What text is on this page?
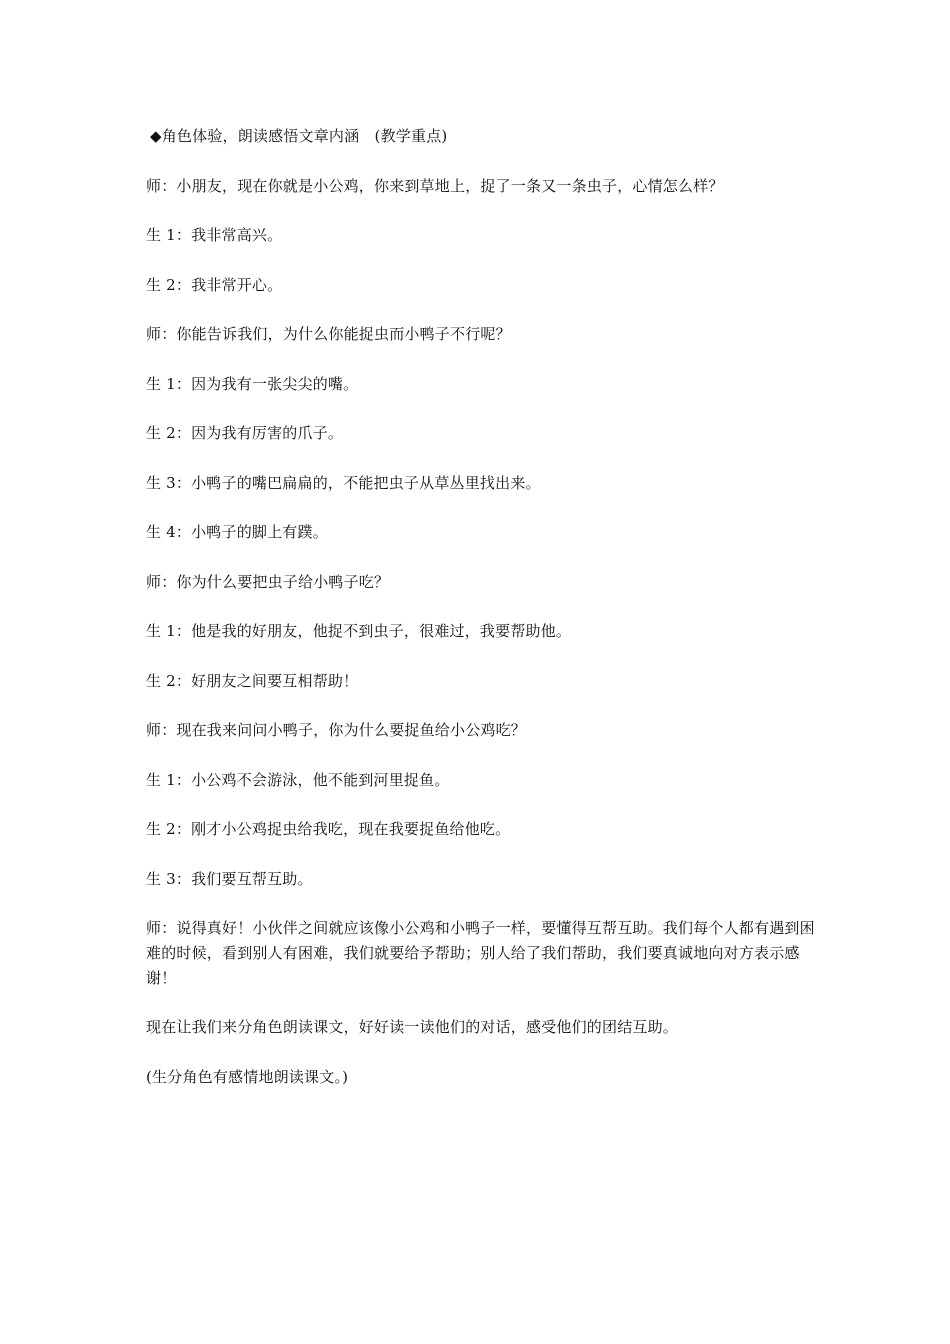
◆角色体验，朗读感悟文章内涵　(教学重点)

师：小朋友，现在你就是小公鸡，你来到草地上，捉了一条又一条虫子，心情怎么样？

生 1：我非常高兴。

生 2：我非常开心。

师：你能告诉我们，为什么你能捉虫而小鸭子不行呢？

生 1：因为我有一张尖尖的嘴。

生 2：因为我有厉害的爪子。

生 3：小鸭子的嘴巴扁扁的，不能把虫子从草丛里找出来。

生 4：小鸭子的脚上有蹼。

师：你为什么要把虫子给小鸭子吃？

生 1：他是我的好朋友，他捉不到虫子，很难过，我要帮助他。

生 2：好朋友之间要互相帮助！

师：现在我来问问小鸭子，你为什么要捉鱼给小公鸡吃？

生 1：小公鸡不会游泳，他不能到河里捉鱼。

生 2：刚才小公鸡捉虫给我吃，现在我要捉鱼给他吃。

生 3：我们要互帮互助。

师：说得真好！小伙伴之间就应该像小公鸡和小鸭子一样，要懂得互帮互助。我们每个人都有遇到困难的时候，看到别人有困难，我们就要给予帮助；别人给了我们帮助，我们要真诚地向对方表示感谢！

现在让我们来分角色朗读课文，好好读一读他们的对话，感受他们的团结互助。

(生分角色有感情地朗读课文。)
